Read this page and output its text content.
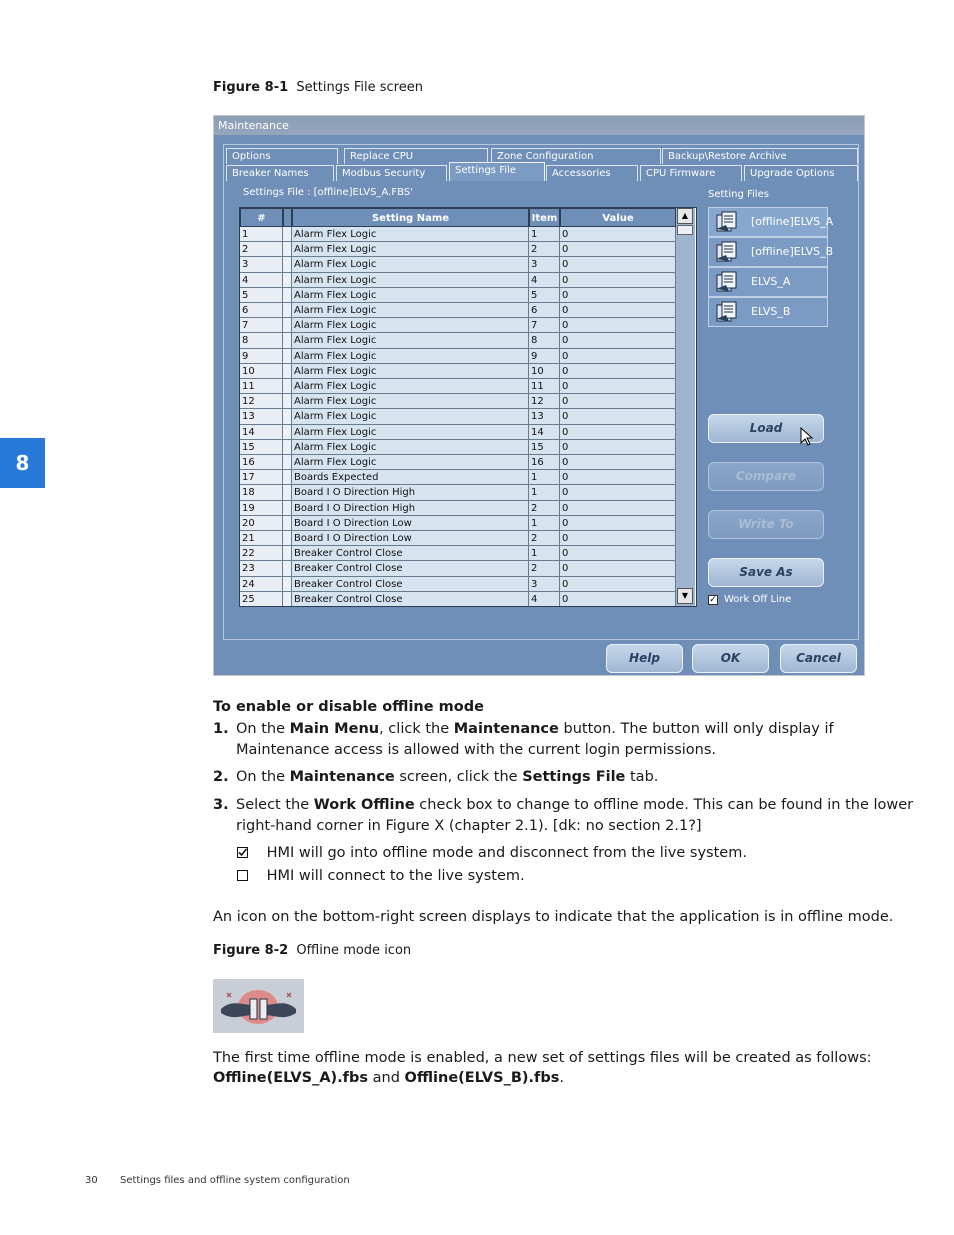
8
Figure 8-1 Settings File screen
Maintenance
Options	Replace CPU	Zone Configuration	Backup\Restore Archive
Breaker Names	Modbus Security	Settings File	Accessories	CPU Firmware	Upgrade Options
Settings File : [offline]ELVS_A.FBS'	Setting Files
#	Setting Name	Item	Value
1	Alarm Flex Logic	1	0
2	Alarm Flex Logic	2	0
3	Alarm Flex Logic	3	0
4	Alarm Flex Logic	4	0
5	Alarm Flex Logic	5	0
6	Alarm Flex Logic	6	0
7	Alarm Flex Logic	7	0
8	Alarm Flex Logic	8	0
9	Alarm Flex Logic	9	0
10	Alarm Flex Logic	10	0
11	Alarm Flex Logic	11	0
12	Alarm Flex Logic	12	0
13	Alarm Flex Logic	13	0
14	Alarm Flex Logic	14	0
15	Alarm Flex Logic	15	0
16	Alarm Flex Logic	16	0
17	Boards Expected	1	0
18	Board I O Direction High	1	0
19	Board I O Direction High	2	0
20	Board I O Direction Low	1	0
21	Board I O Direction Low	2	0
22	Breaker Control Close	1	0
23	Breaker Control Close	2	0
24	Breaker Control Close	3	0
25	Breaker Control Close	4	0
▲
▼
[offline]ELVS_A
[offline]ELVS_B
ELVS_A
ELVS_B
Load
Compare
Write To
Save As
✓ Work Off Line
Help	OK	Cancel
To enable or disable offline mode
1. On the Main Menu, click the Maintenance button. The button will only display if
Maintenance access is allowed with the current login permissions.
2. On the Maintenance screen, click the Settings File tab.
3. Select the Work Offline check box to change to offline mode. This can be found in the lower
right-hand corner in Figure X (chapter 2.1). [dk: no section 2.1?]
HMI will go into offline mode and disconnect from the live system.
HMI will connect to the live system.
An icon on the bottom-right screen displays to indicate that the application is in offline mode.
Figure 8-2 Offline mode icon
The first time offline mode is enabled, a new set of settings files will be created as follows:
Offline(ELVS_A).fbs and Offline(ELVS_B).fbs.
30 Settings files and offline system configuration
